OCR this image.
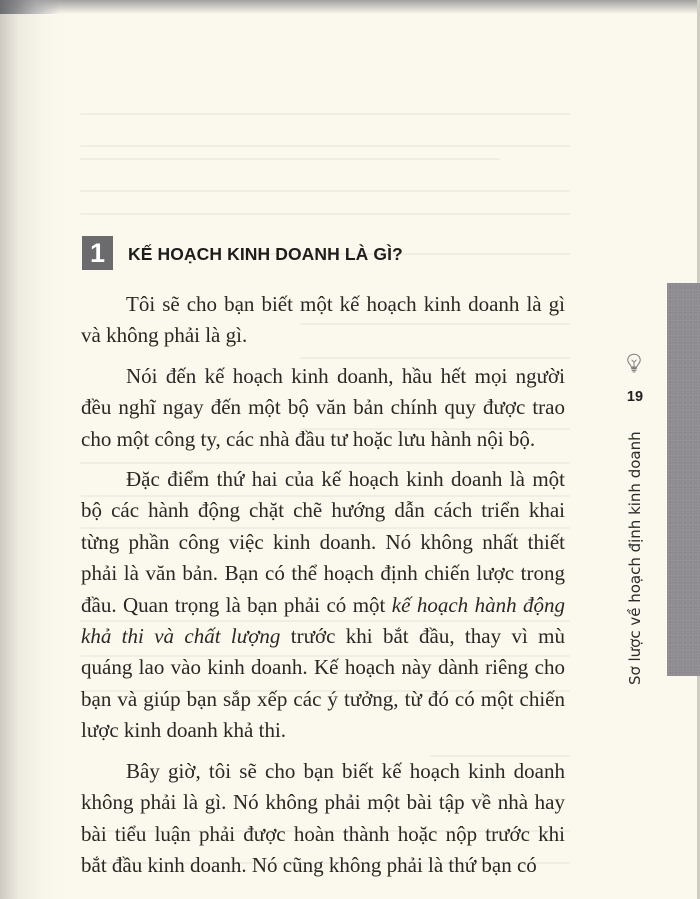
1	KẾ HOẠCH KINH DOANH LÀ GÌ?

Tôi sẽ cho bạn biết một kế hoạch kinh doanh là gì và không phải là gì.

Nói đến kế hoạch kinh doanh, hầu hết mọi người đều nghĩ ngay đến một bộ văn bản chính quy được trao cho một công ty, các nhà đầu tư hoặc lưu hành nội bộ.

Đặc điểm thứ hai của kế hoạch kinh doanh là một bộ các hành động chặt chẽ hướng dẫn cách triển khai từng phần công việc kinh doanh. Nó không nhất thiết phải là văn bản. Bạn có thể hoạch định chiến lược trong đầu. Quan trọng là bạn phải có một kế hoạch hành động khả thi và chất lượng trước khi bắt đầu, thay vì mù quáng lao vào kinh doanh. Kế hoạch này dành riêng cho bạn và giúp bạn sắp xếp các ý tưởng, từ đó có một chiến lược kinh doanh khả thi.

Bây giờ, tôi sẽ cho bạn biết kế hoạch kinh doanh không phải là gì. Nó không phải một bài tập về nhà hay bài tiểu luận phải được hoàn thành hoặc nộp trước khi bắt đầu kinh doanh. Nó cũng không phải là thứ bạn có

19
Sơ lược về hoạch định kinh doanh
